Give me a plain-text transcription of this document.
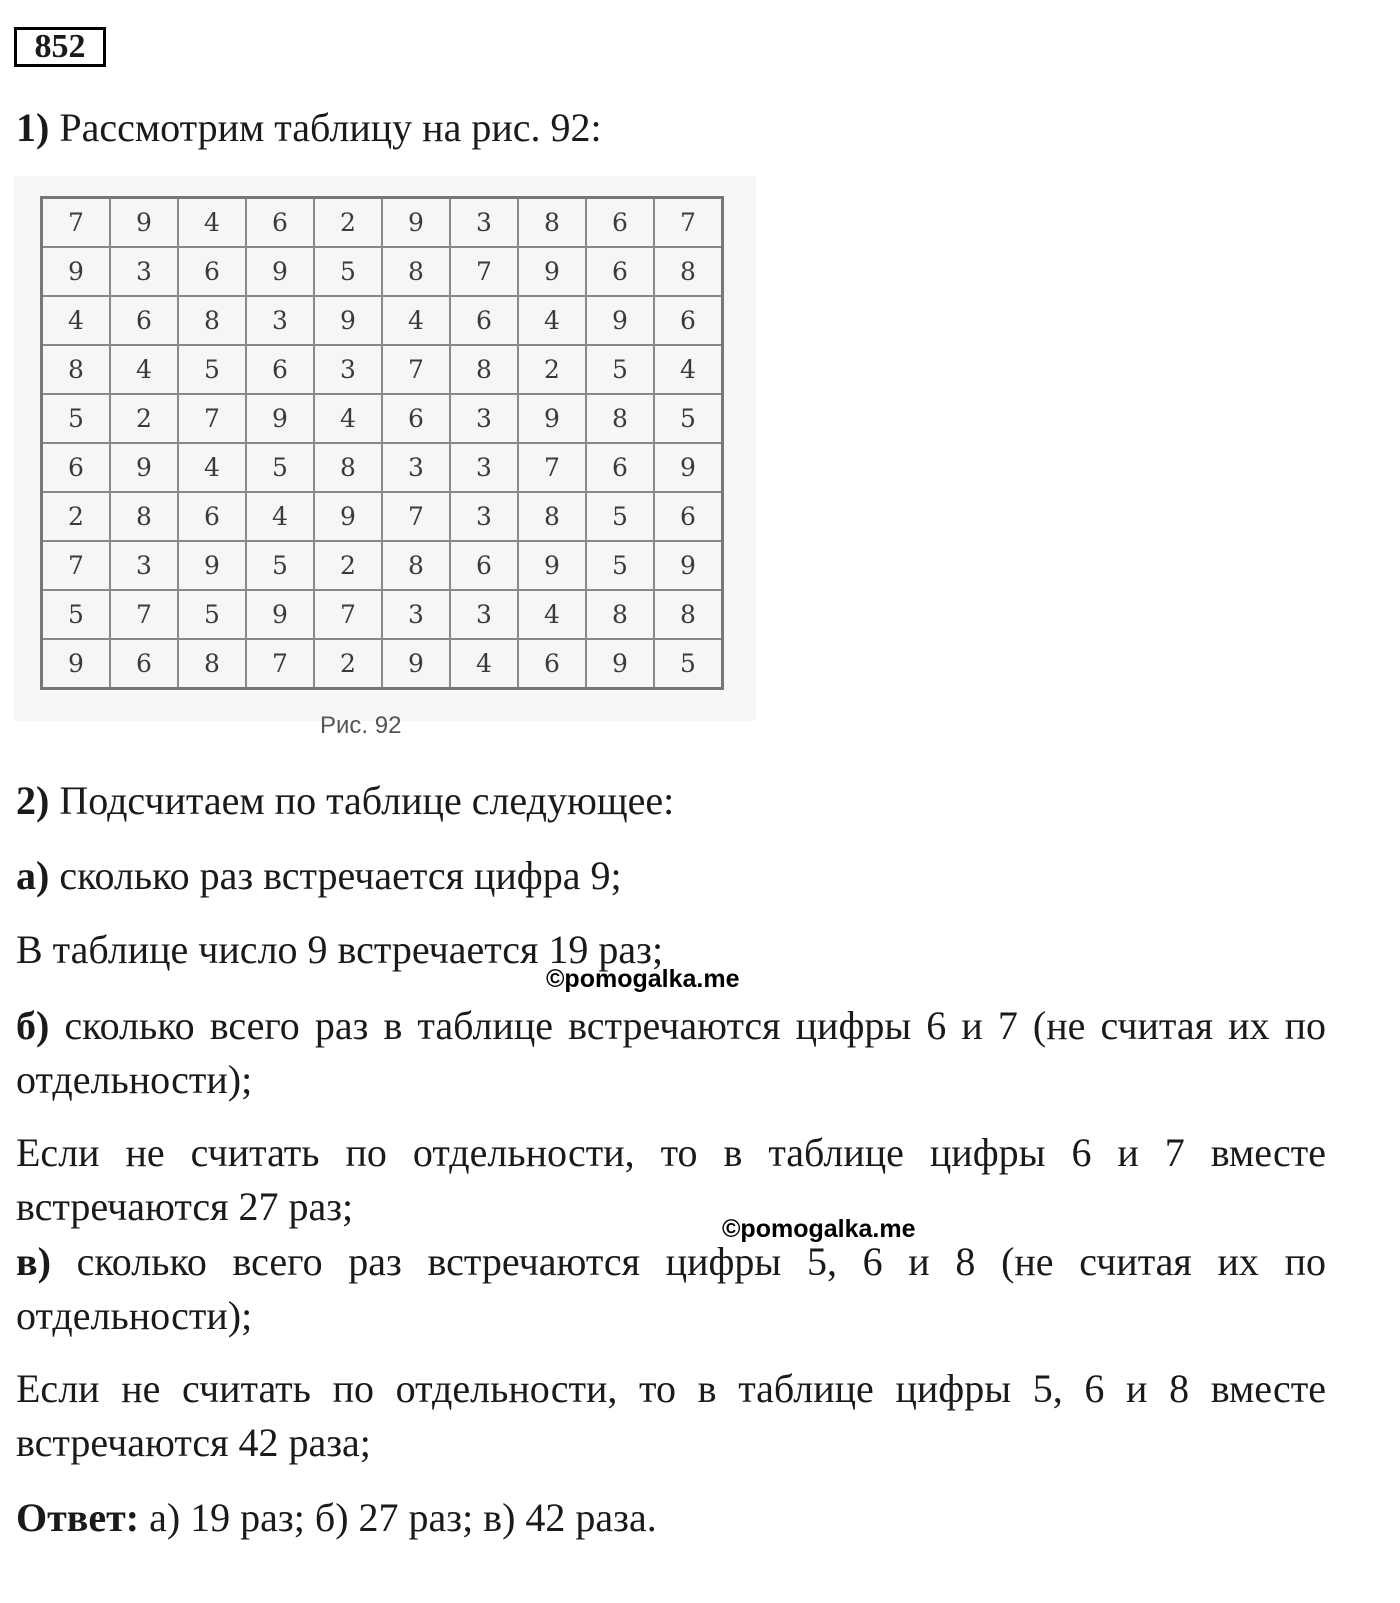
852
1) Рассмотрим таблицу на рис. 92:
7	9	4	6	2	9	3	8	6	7
9	3	6	9	5	8	7	9	6	8
4	6	8	3	9	4	6	4	9	6
8	4	5	6	3	7	8	2	5	4
5	2	7	9	4	6	3	9	8	5
6	9	4	5	8	3	3	7	6	9
2	8	6	4	9	7	3	8	5	6
7	3	9	5	2	8	6	9	5	9
5	7	5	9	7	3	3	4	8	8
9	6	8	7	2	9	4	6	9	5
Рис. 92
2) Подсчитаем по таблице следующее:
а) сколько раз встречается цифра 9;
В таблице число 9 встречается 19 раз;
©pomogalka.me
б) сколько всего раз в таблице встречаются цифры 6 и 7 (не считая их по отдельности);
Если не считать по отдельности, то в таблице цифры 6 и 7 вместе встречаются 27 раз;	©pomogalka.me
в) сколько всего раз встречаются цифры 5, 6 и 8 (не считая их по отдельности);
Если не считать по отдельности, то в таблице цифры 5, 6 и 8 вместе встречаются 42 раза;
Ответ: а) 19 раз; б) 27 раз; в) 42 раза.
